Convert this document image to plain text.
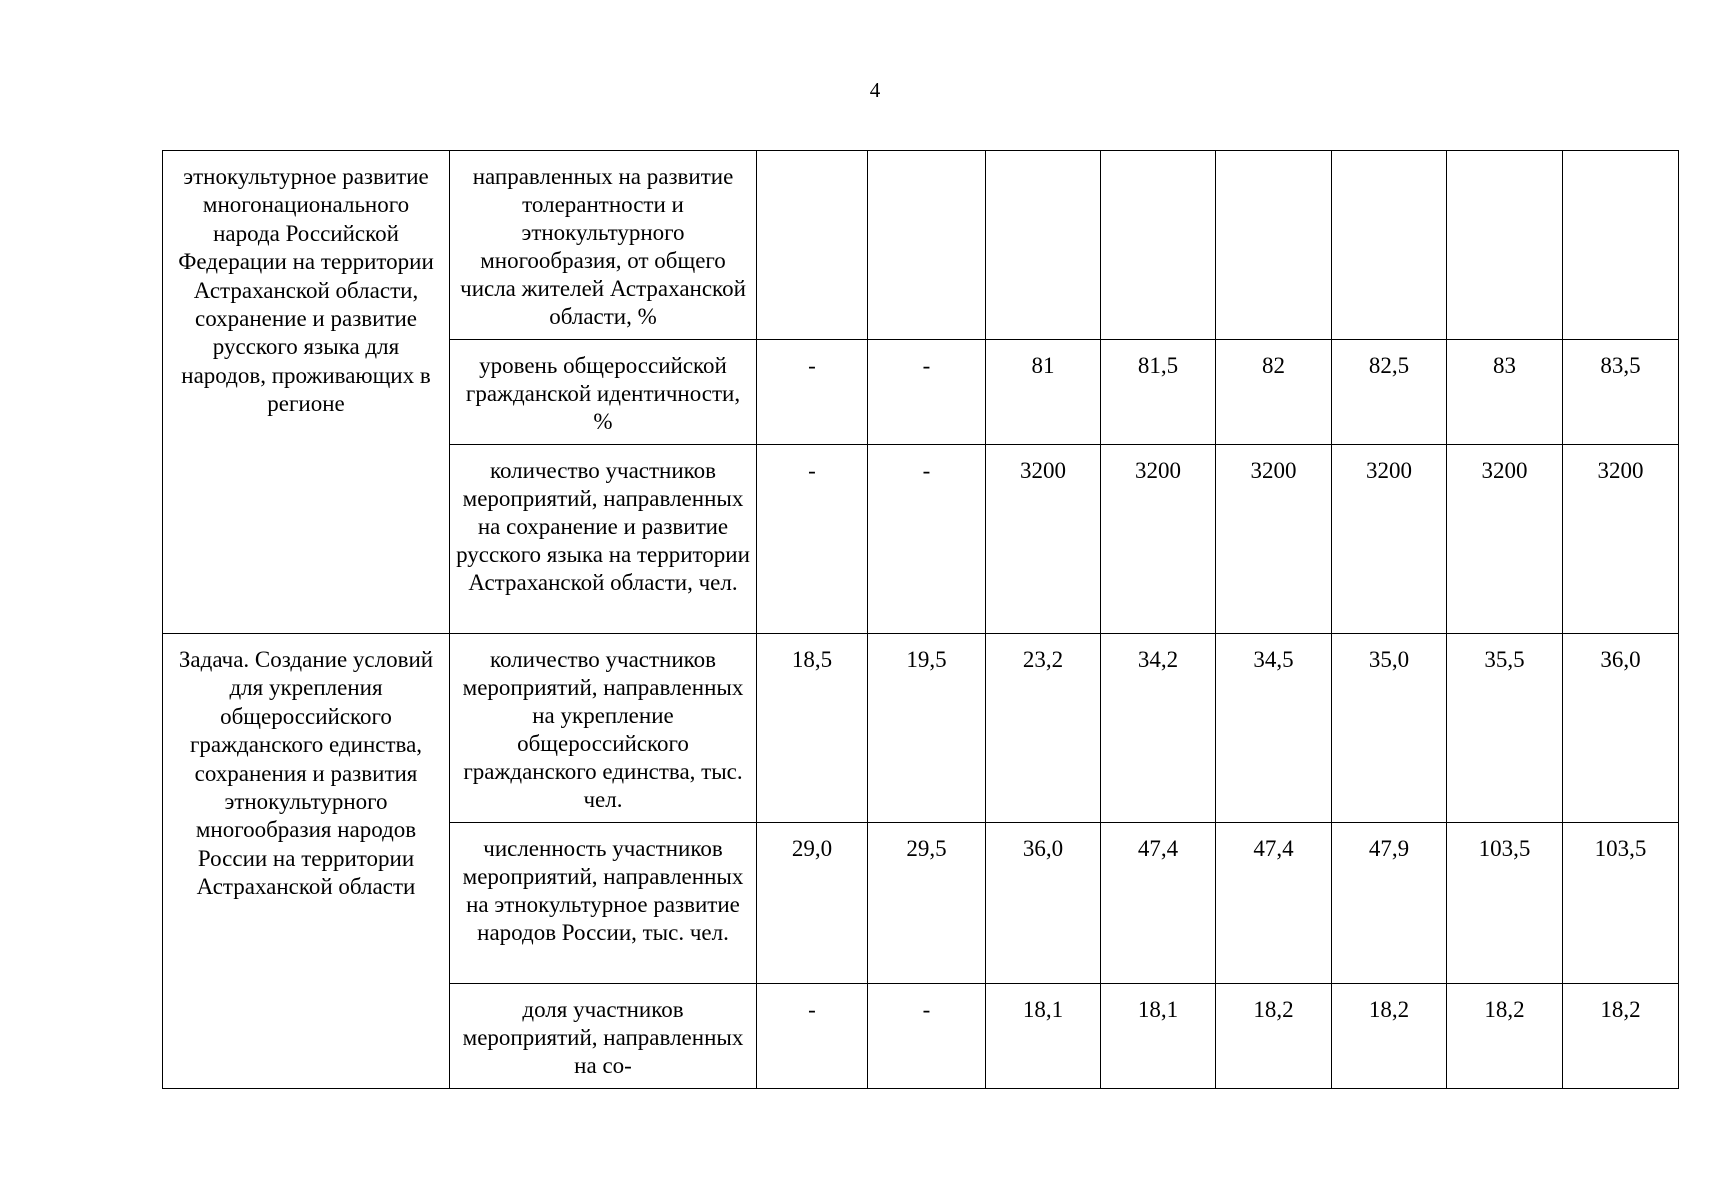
4
этнокультурное развитие многонационального народа Российской Федерации на территории Астраханской области, сохранение и развитие русского языка для народов, проживающих в регионе	направленных на развитие толерантности и этнокультурного многообразия, от общего числа жителей Астраханской области, %								
	уровень общероссийской гражданской идентичности, %	-	-	81	81,5	82	82,5	83	83,5
	количество участников мероприятий, направленных на сохранение и развитие русского языка на территории Астраханской области, чел.	-	-	3200	3200	3200	3200	3200	3200
Задача. Создание условий для укрепления общероссийского гражданского единства, сохранения и развития этнокультурного многообразия народов России на территории Астраханской области	количество участников мероприятий, направленных на укрепление общероссийского гражданского единства, тыс. чел.	18,5	19,5	23,2	34,2	34,5	35,0	35,5	36,0
	численность участников мероприятий, направленных на этнокультурное развитие народов России, тыс. чел.	29,0	29,5	36,0	47,4	47,4	47,9	103,5	103,5
	доля участников мероприятий, направленных на со-	-	-	18,1	18,1	18,2	18,2	18,2	18,2
